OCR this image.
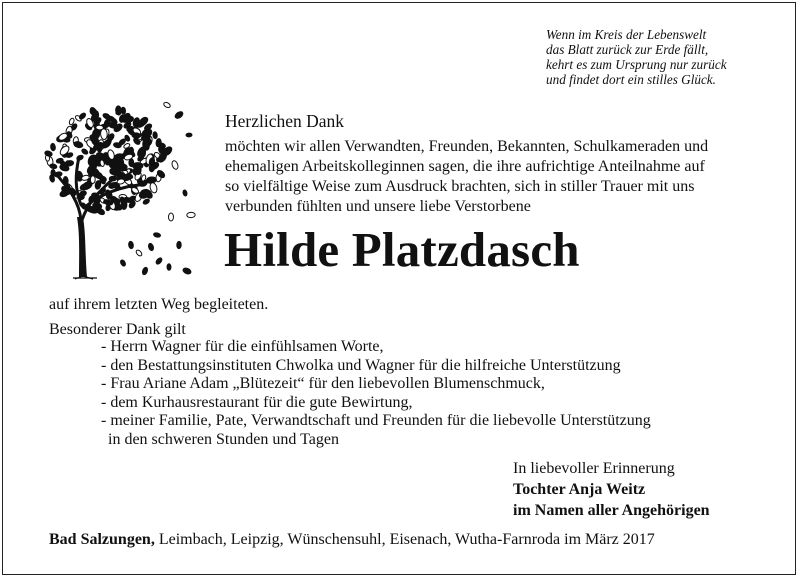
Wenn im Kreis der Lebenswelt
das Blatt zurück zur Erde fällt,
kehrt es zum Ursprung nur zurück
und findet dort ein stilles Glück.
Herzlichen Dank
möchten wir allen Verwandten, Freunden, Bekannten, Schulkameraden und
ehemaligen Arbeitskolleginnen sagen, die ihre aufrichtige Anteilnahme auf
so vielfältige Weise zum Ausdruck brachten, sich in stiller Trauer mit uns
verbunden fühlten und unsere liebe Verstorbene
Hilde Platzdasch
auf ihrem letzten Weg begleiteten.
Besonderer Dank gilt
- Herrn Wagner für die einfühlsamen Worte,
- den Bestattungsinstituten Chwolka und Wagner für die hilfreiche Unterstützung
- Frau Ariane Adam „Blütezeit“ für den liebevollen Blumenschmuck,
- dem Kurhausrestaurant für die gute Bewirtung,
- meiner Familie, Pate, Verwandtschaft und Freunden für die liebevolle Unterstützung
in den schweren Stunden und Tagen
In liebevoller Erinnerung
Tochter Anja Weitz
im Namen aller Angehörigen
Bad Salzungen, Leimbach, Leipzig, Wünschensuhl, Eisenach, Wutha-Farnroda im März 2017
